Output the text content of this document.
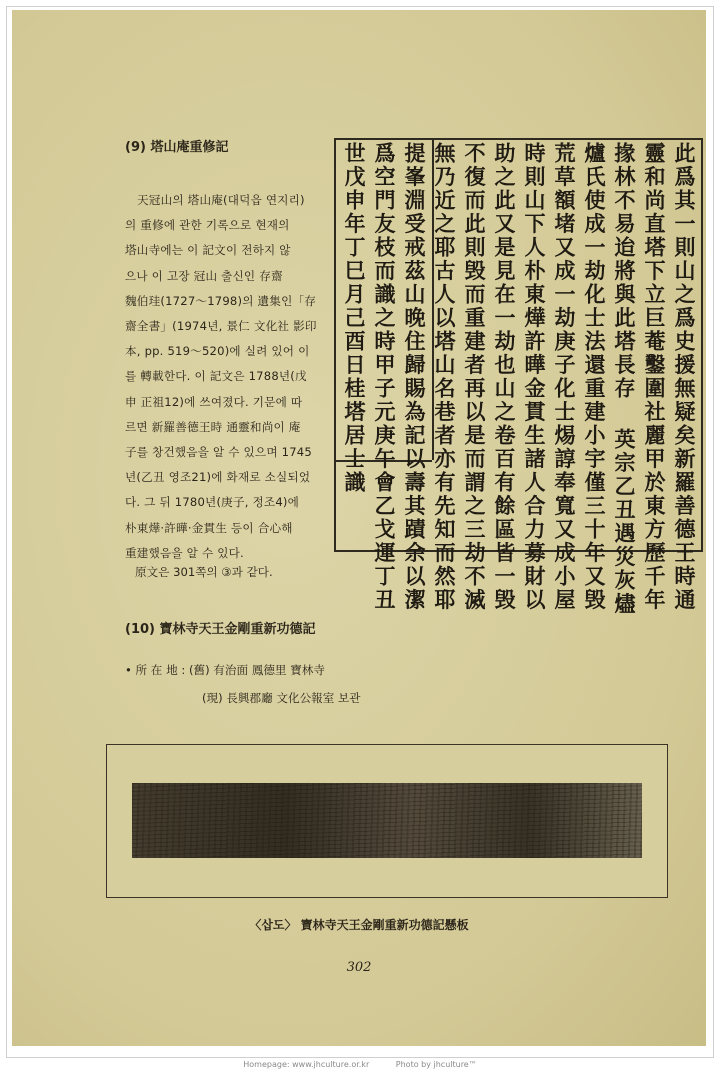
(9) 塔山庵重修記
天冠山의 塔山庵(대덕읍 연지리)
의 重修에 관한 기록으로 현재의
塔山寺에는 이 記文이 전하지 않
으나 이 고장 冠山 출신인 存齋
魏伯珪(1727～1798)의 遺集인「存
齋全書」(1974년, 景仁 文化社 影印
本, pp. 519～520)에 실려 있어 이
를 轉載한다. 이 記文은 1788년(戊
申 正祖12)에 쓰여졌다. 기문에 따
르면 新羅善德王時 通靈和尚이 庵
子를 창건했음을 알 수 있으며 1745
년(乙丑 영조21)에 화재로 소실되었
다. 그 뒤 1780년(庚子, 정조4)에
朴東燁·許曄·金貫生 등이 合心해
重建했음을 알 수 있다.
原文은 301쪽의 ③과 같다.	此爲其一則山之爲史援無疑矣新羅善德王時通
靈和尚直塔下立巨菴鑿圍社麗甲於東方歷千年
掾林不易迨將與此塔長存 英宗乙丑遇災灰燼
爐氏使成一劫化士法還重建小宇僅三十年又毁
荒草額堵又成一劫庚子化士焬諄奉寬又成小屋
時則山下人朴東燁許曄金貫生諸人合力募財以
助之此又是見在一劫也山之卷百有餘區皆一毁
不復而此則毁而重建者再以是而謂之三劫不滅
無乃近之耶古人以塔山名巷者亦有先知而然耶
提峯淵受戒茲山晚住歸賜為記以壽其蹟余以潔
爲空門友枝而識之時甲子元庚午會乙戈運丁丑
世戊申年丁巳月己酉日桂塔居士識
(10) 寶林寺天王金剛重新功德記
• 所 在 地 : (舊) 有治面 鳳德里 寶林寺
(現) 長興郡廳 文化公報室 보관
〈삽도〉 寶林寺天王金剛重新功德記懸板
302
Homepage: www.jhculture.or.kr	Photo by jhculture™
